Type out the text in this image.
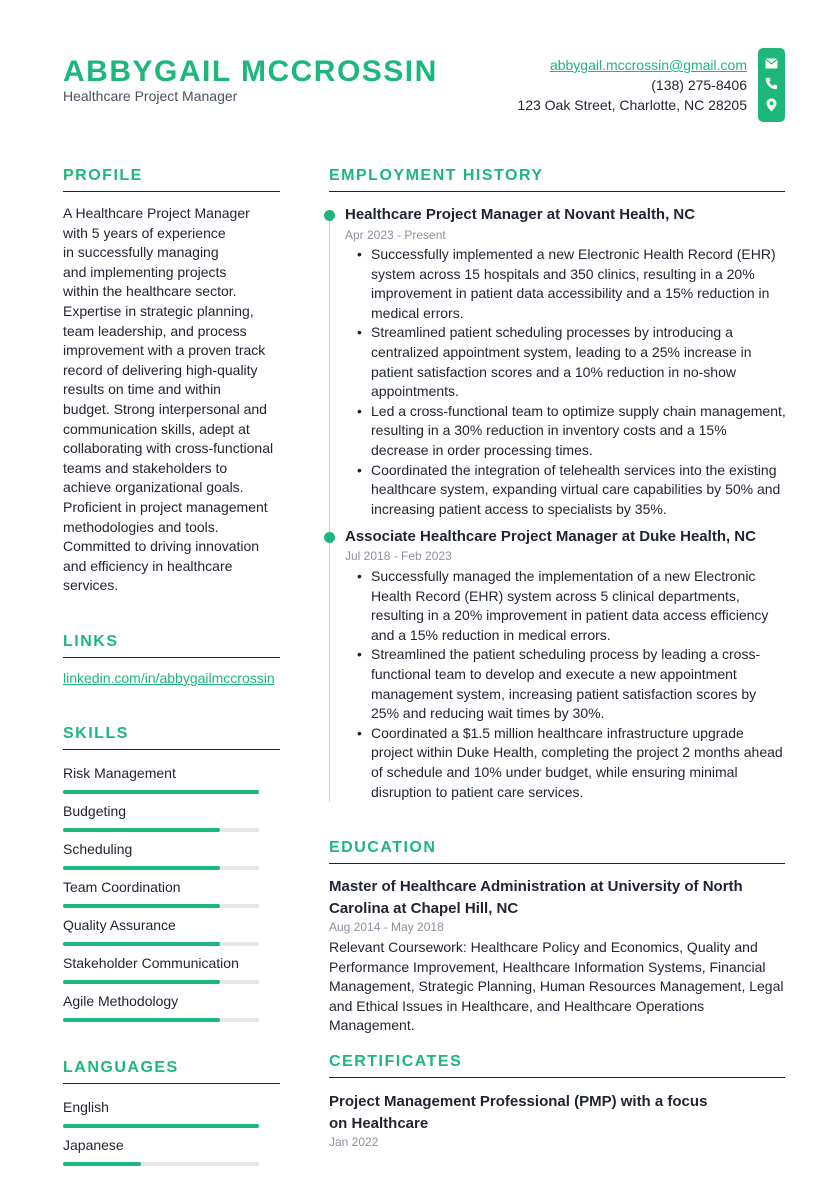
ABBYGAIL MCCROSSIN
Healthcare Project Manager
abbygail.mccrossin@gmail.com
(138) 275-8406
123 Oak Street, Charlotte, NC 28205
PROFILE
A Healthcare Project Manager
with 5 years of experience
in successfully managing
and implementing projects
within the healthcare sector.
Expertise in strategic planning,
team leadership, and process
improvement with a proven track
record of delivering high-quality
results on time and within
budget. Strong interpersonal and
communication skills, adept at
collaborating with cross-functional
teams and stakeholders to
achieve organizational goals.
Proficient in project management
methodologies and tools.
Committed to driving innovation
and efficiency in healthcare
services.
LINKS
linkedin.com/in/abbygailmccrossin
SKILLS
Risk Management
Budgeting
Scheduling
Team Coordination
Quality Assurance
Stakeholder Communication
Agile Methodology
LANGUAGES
English
Japanese
EMPLOYMENT HISTORY
Healthcare Project Manager at Novant Health, NC
Apr 2023 - Present
• Successfully implemented a new Electronic Health Record (EHR) system across 15 hospitals and 350 clinics, resulting in a 20% improvement in patient data accessibility and a 15% reduction in medical errors.
• Streamlined patient scheduling processes by introducing a centralized appointment system, leading to a 25% increase in patient satisfaction scores and a 10% reduction in no-show appointments.
• Led a cross-functional team to optimize supply chain management, resulting in a 30% reduction in inventory costs and a 15% decrease in order processing times.
• Coordinated the integration of telehealth services into the existing healthcare system, expanding virtual care capabilities by 50% and increasing patient access to specialists by 35%.
Associate Healthcare Project Manager at Duke Health, NC
Jul 2018 - Feb 2023
• Successfully managed the implementation of a new Electronic Health Record (EHR) system across 5 clinical departments, resulting in a 20% improvement in patient data access efficiency and a 15% reduction in medical errors.
• Streamlined the patient scheduling process by leading a cross-functional team to develop and execute a new appointment management system, increasing patient satisfaction scores by 25% and reducing wait times by 30%.
• Coordinated a $1.5 million healthcare infrastructure upgrade project within Duke Health, completing the project 2 months ahead of schedule and 10% under budget, while ensuring minimal disruption to patient care services.
EDUCATION
Master of Healthcare Administration at University of North Carolina at Chapel Hill, NC
Aug 2014 - May 2018
Relevant Coursework: Healthcare Policy and Economics, Quality and Performance Improvement, Healthcare Information Systems, Financial Management, Strategic Planning, Human Resources Management, Legal and Ethical Issues in Healthcare, and Healthcare Operations Management.
CERTIFICATES
Project Management Professional (PMP) with a focus on Healthcare
Jan 2022
